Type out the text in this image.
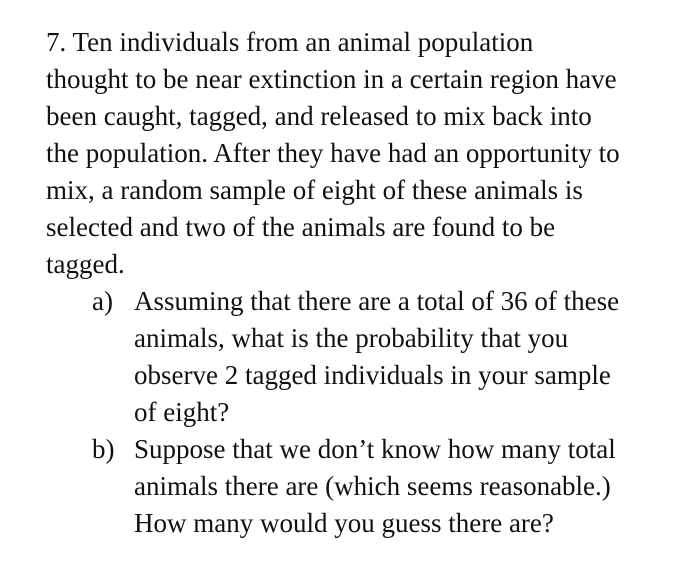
7. Ten individuals from an animal population
thought to be near extinction in a certain region have
been caught, tagged, and released to mix back into
the population. After they have had an opportunity to
mix, a random sample of eight of these animals is
selected and two of the animals are found to be
tagged.
a) Assuming that there are a total of 36 of these
animals, what is the probability that you
observe 2 tagged individuals in your sample
of eight?
b) Suppose that we don’t know how many total
animals there are (which seems reasonable.)
How many would you guess there are?
